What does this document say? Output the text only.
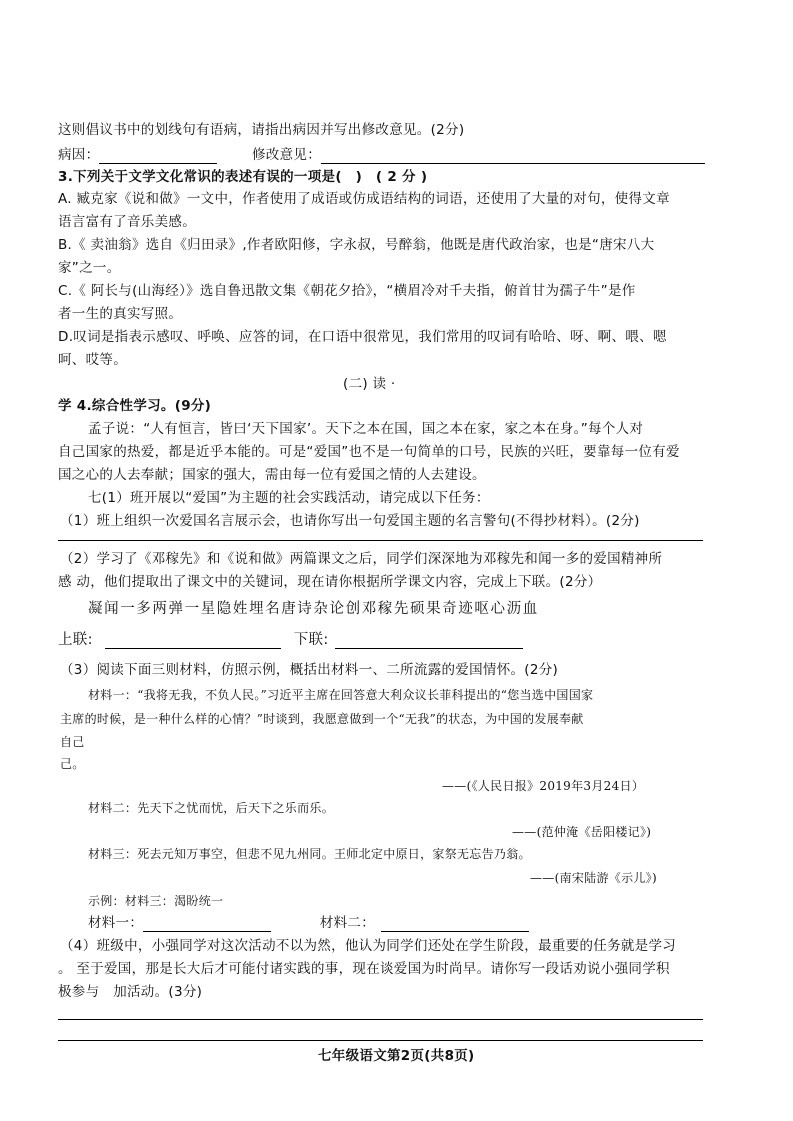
这则倡议书中的划线句有语病，请指出病因并写出修改意见。(2分)
病因：	修改意见：
3.下列关于文学文化常识的表述有误的一项是(　)　( 2 分 )
A. 臧克家《说和做》一文中，作者使用了成语或仿成语结构的词语，还使用了大量的对句，使得文章
语言富有了音乐美感。
B.《 卖油翁》选自《归田录》,作者欧阳修，字永叔，号醉翁，他既是唐代政治家，也是“唐宋八大
家”之一。
C.《 阿长与(山海经）》选自鲁迅散文集《朝花夕拾》，“横眉冷对千夫指，俯首甘为孺子牛”是作
者一生的真实写照。
D.叹词是指表示感叹、呼唤、应答的词，在口语中很常见，我们常用的叹词有哈哈、呀、啊、喂、嗯
呵、哎等。
(二) 读 ·
学 4.综合性学习。(9分)
孟子说：“人有恒言，皆曰‘天下国家’。天下之本在国，国之本在家，家之本在身。”每个人对
自己国家的热爱，都是近乎本能的。可是“爱国”也不是一句简单的口号，民族的兴旺，要靠每一位有爱
国之心的人去奉献；国家的强大，需由每一位有爱国之情的人去建设。
七(1）班开展以“爱国”为主题的社会实践活动，请完成以下任务：
（1）班上组织一次爱国名言展示会，也请你写出一句爱国主题的名言警句(不得抄材料）。(2分)
（2）学习了《邓稼先》和《说和做》两篇课文之后，同学们深深地为邓稼先和闻一多的爱国精神所
感 动，他们提取出了课文中的关键词，现在请你根据所学课文内容，完成上下联。(2分）
凝闻一多两弹一星隐姓埋名唐诗杂论创邓稼先硕果奇迹呕心沥血
上联:	下联:
（3）阅读下面三则材料，仿照示例，概括出材料一、二所流露的爱国情怀。(2分)
材料一：“我将无我，不负人民。”习近平主席在回答意大利众议长菲科提出的“您当选中国国家
主席的时候，是一种什么样的心情？”时谈到，我愿意做到一个“无我”的状态，为中国的发展奉献
自己
己。
——(《人民日报》2019年3月24日）
材料二：先天下之忧而忧，后天下之乐而乐。
——(范仲淹《岳阳楼记》)
材料三：死去元知万事空，但悲不见九州同。王师北定中原日，家祭无忘告乃翁。
——(南宋陆游《示儿》)
示例：材料三：渴盼统一
材料一：	材料二：
（4）班级中，小强同学对这次活动不以为然，他认为同学们还处在学生阶段，最重要的任务就是学习
。 至于爱国，那是长大后才可能付诸实践的事，现在谈爱国为时尚早。请你写一段话劝说小强同学积
极参与　加活动。(3分)
七年级语文第2页(共8页)
